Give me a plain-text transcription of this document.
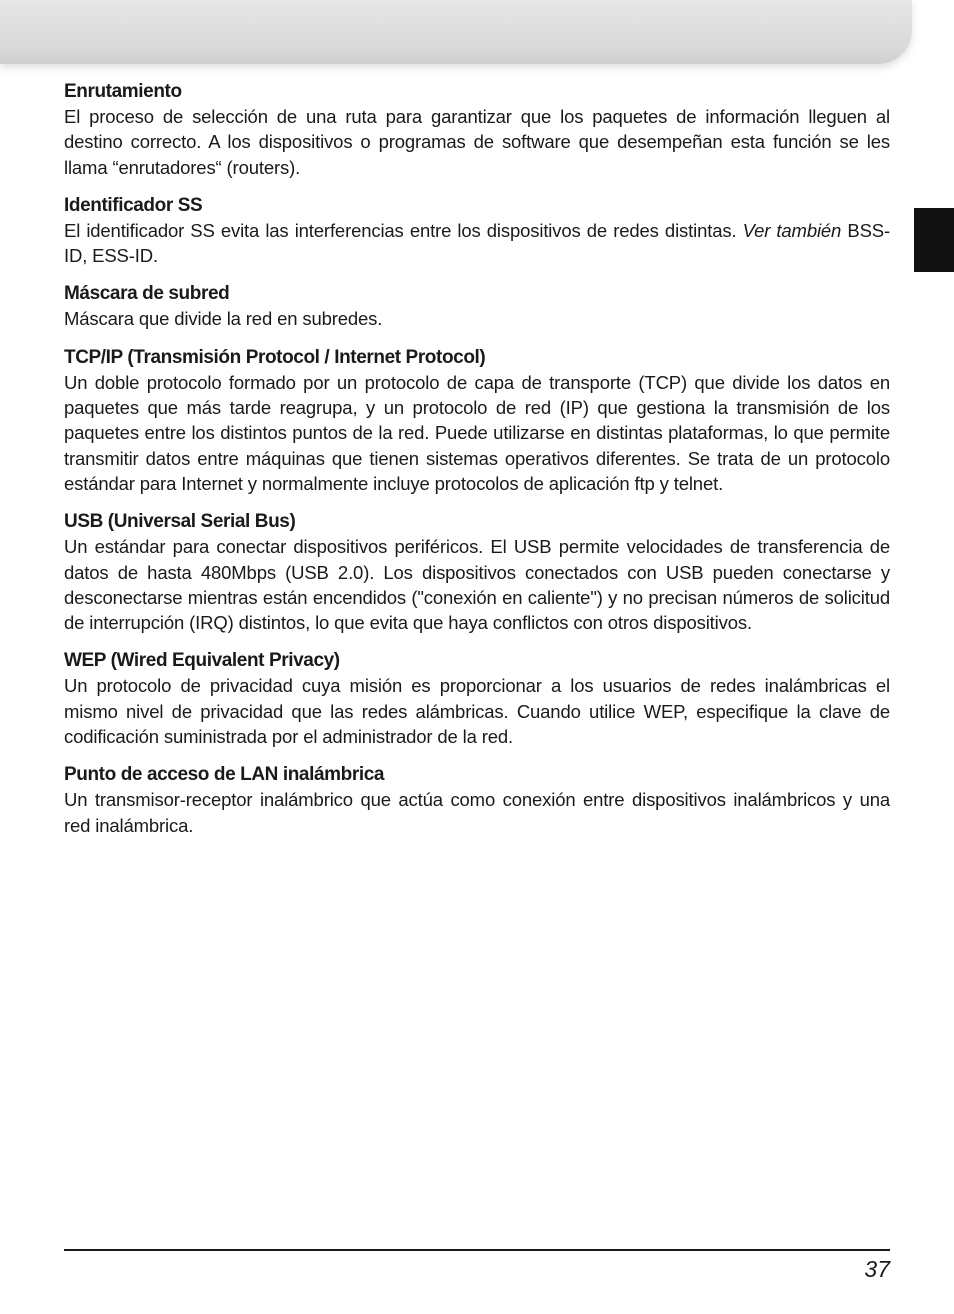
Enrutamiento

El proceso de selección de una ruta para garantizar que los paquetes de información lleguen al destino correcto. A los dispositivos o programas de software que desempeñan esta función se les llama “enrutadores“ (routers).

Identificador SS

El identificador SS evita las interferencias entre los dispositivos de redes distintas. Ver también BSS-ID, ESS-ID.

Máscara de subred

Máscara que divide la red en subredes.

TCP/IP (Transmisión Protocol / Internet Protocol)

Un doble protocolo formado por un protocolo de capa de transporte (TCP) que divide los datos en paquetes que más tarde reagrupa, y un protocolo de red (IP) que gestiona la transmisión de los paquetes entre los distintos puntos de la red. Puede utilizarse en distintas plataformas, lo que permite transmitir datos entre máquinas que tienen sistemas operativos diferentes. Se trata de un protocolo estándar para Internet y normalmente incluye protocolos de aplicación ftp y telnet.

USB (Universal Serial Bus)

Un estándar para conectar dispositivos periféricos. El USB permite velocidades de transferencia de datos de hasta 480Mbps (USB 2.0). Los dispositivos conectados con USB pueden conectarse y desconectarse mientras están encendidos ("conexión en caliente") y no precisan números de solicitud de interrupción (IRQ) distintos, lo que evita que haya conflictos con otros dispositivos.

WEP (Wired Equivalent Privacy)

Un protocolo de privacidad cuya misión es proporcionar a los usuarios de redes inalámbricas el mismo nivel de privacidad que las redes alámbricas. Cuando utilice WEP, especifique la clave de codificación suministrada por el administrador de la red.

Punto de acceso de LAN inalámbrica

Un transmisor-receptor inalámbrico que actúa como conexión entre dispositivos inalámbricos y una red inalámbrica.

37
